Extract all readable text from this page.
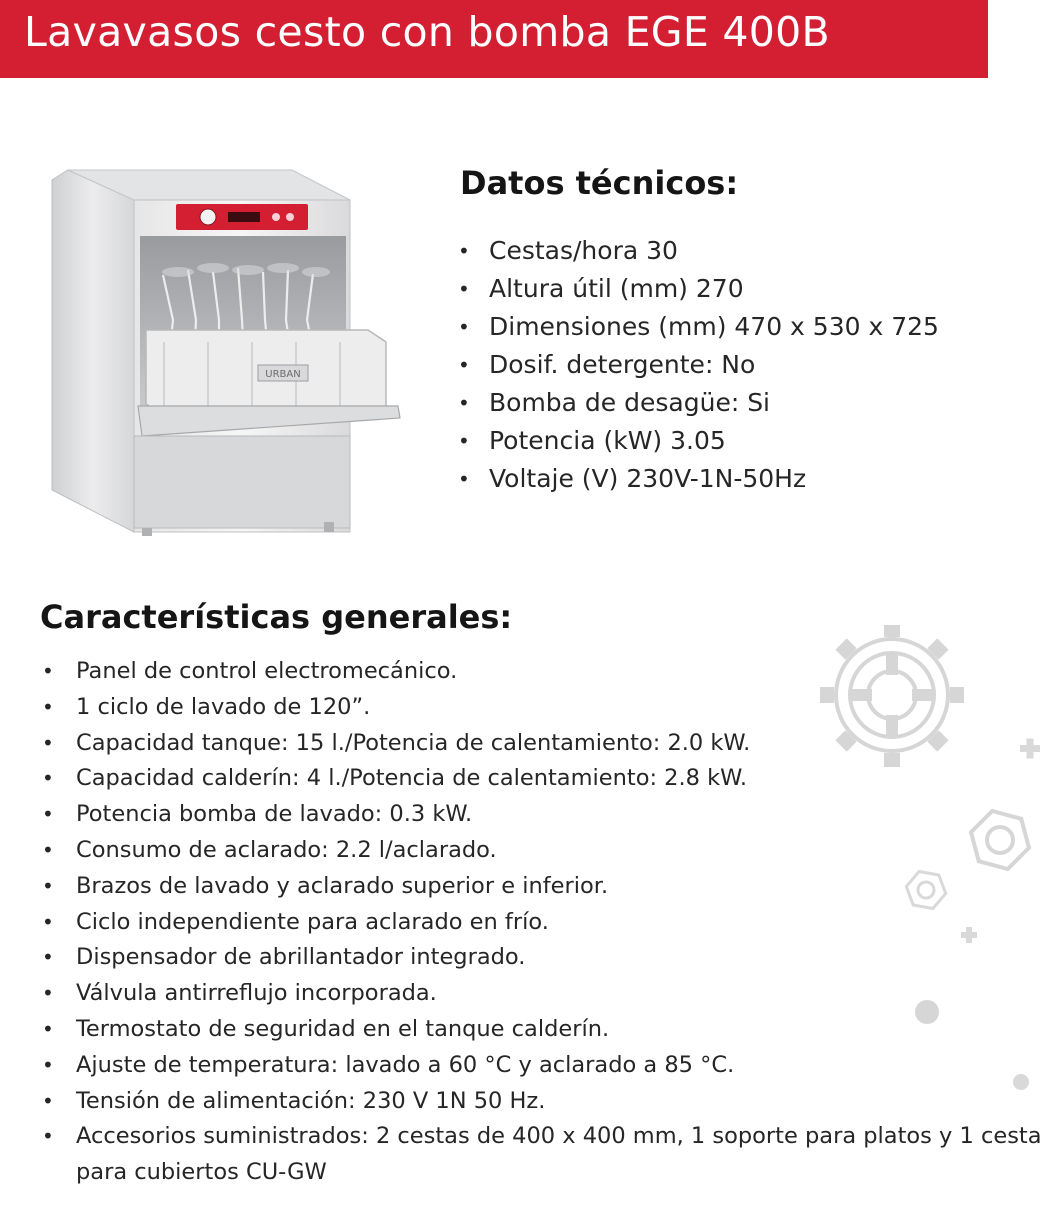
Lavavasos cesto con bomba EGE 400B
URBAN
Datos técnicos:
• Cestas/hora 30
• Altura útil (mm) 270
• Dimensiones (mm) 470 x 530 x 725
• Dosif. detergente: No
• Bomba de desagüe: Si
• Potencia (kW) 3.05
• Voltaje (V) 230V-1N-50Hz
Características generales:
• Panel de control electromecánico.
• 1 ciclo de lavado de 120”.
• Capacidad tanque: 15 l./Potencia de calentamiento: 2.0 kW.
• Capacidad calderín: 4 l./Potencia de calentamiento: 2.8 kW.
• Potencia bomba de lavado: 0.3 kW.
• Consumo de aclarado: 2.2 l/aclarado.
• Brazos de lavado y aclarado superior e inferior.
• Ciclo independiente para aclarado en frío.
• Dispensador de abrillantador integrado.
• Válvula antirreflujo incorporada.
• Termostato de seguridad en el tanque calderín.
• Ajuste de temperatura: lavado a 60 °C y aclarado a 85 °C.
• Tensión de alimentación: 230 V 1N 50 Hz.
• Accesorios suministrados: 2 cestas de 400 x 400 mm, 1 soporte para platos y 1 cesta para cubiertos CU-GW
